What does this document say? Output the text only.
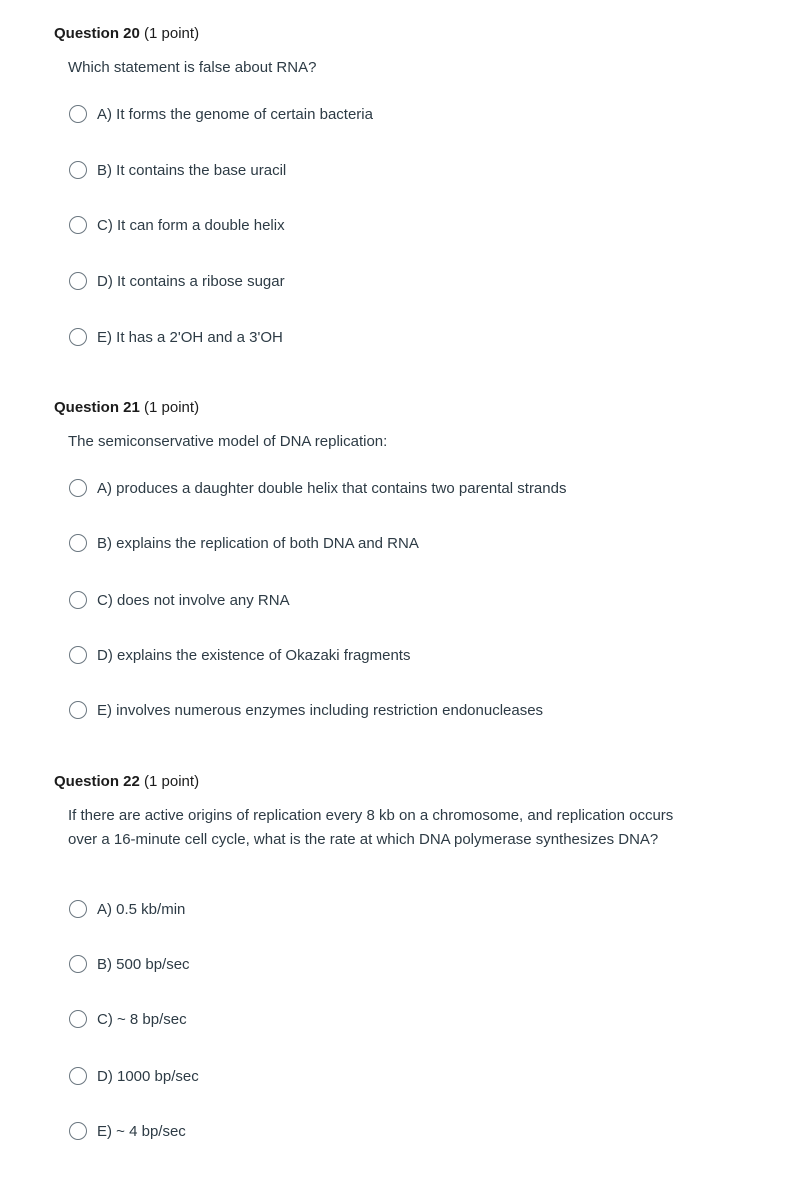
Question 20 (1 point)
Which statement is false about RNA?
A) It forms the genome of certain bacteria
B) It contains the base uracil
C) It can form a double helix
D) It contains a ribose sugar
E) It has a 2'OH and a 3'OH
Question 21 (1 point)
The semiconservative model of DNA replication:
A) produces a daughter double helix that contains two parental strands
B) explains the replication of both DNA and RNA
C) does not involve any RNA
D) explains the existence of Okazaki fragments
E) involves numerous enzymes including restriction endonucleases
Question 22 (1 point)
If there are active origins of replication every 8 kb on a chromosome, and replication occurs over a 16-minute cell cycle, what is the rate at which DNA polymerase synthesizes DNA?
A) 0.5 kb/min
B) 500 bp/sec
C) ~ 8 bp/sec
D) 1000 bp/sec
E) ~ 4 bp/sec
